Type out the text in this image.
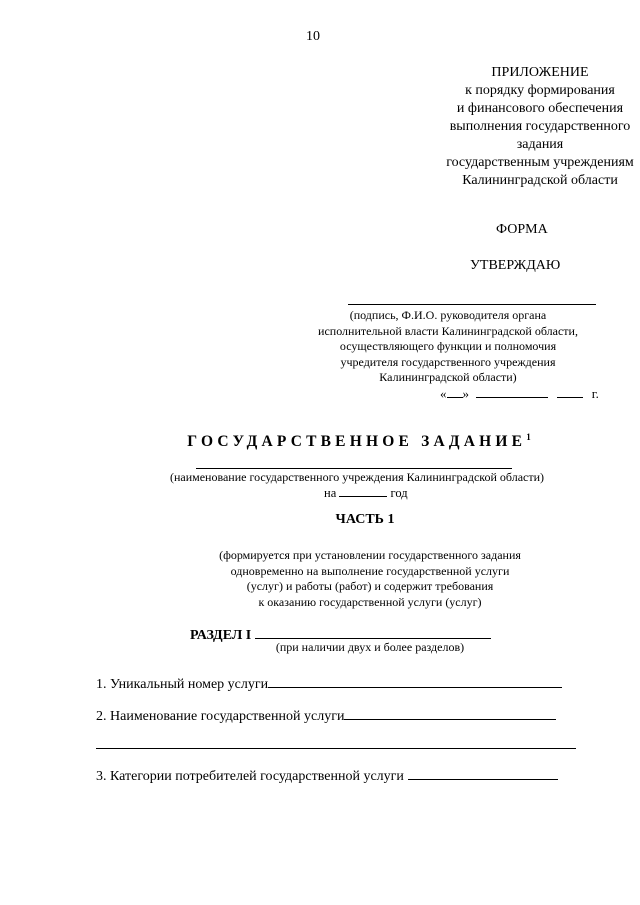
10
ПРИЛОЖЕНИЕ
к порядку формирования
и финансового обеспечения
выполнения государственного
задания
государственным учреждениям
Калининградской области
ФОРМА
УТВЕРЖДАЮ
(подпись, Ф.И.О. руководителя органа
исполнительной власти Калининградской области,
осуществляющего функции и полномочия
учредителя государственного учреждения
Калининградской области)
« »	г.
ГОСУДАРСТВЕННОЕ ЗАДАНИЕ$^1$
(наименование государственного учреждения Калининградской области)
на	год
ЧАСТЬ 1
(формируется при установлении государственного задания
одновременно на выполнение государственной услуги
(услуг) и работы (работ) и содержит требования
к оказанию государственной услуги (услуг)
РАЗДЕЛ I
(при наличии двух и более разделов)
1. Уникальный номер услуги
2. Наименование государственной услуги
3. Категории потребителей государственной услуги
